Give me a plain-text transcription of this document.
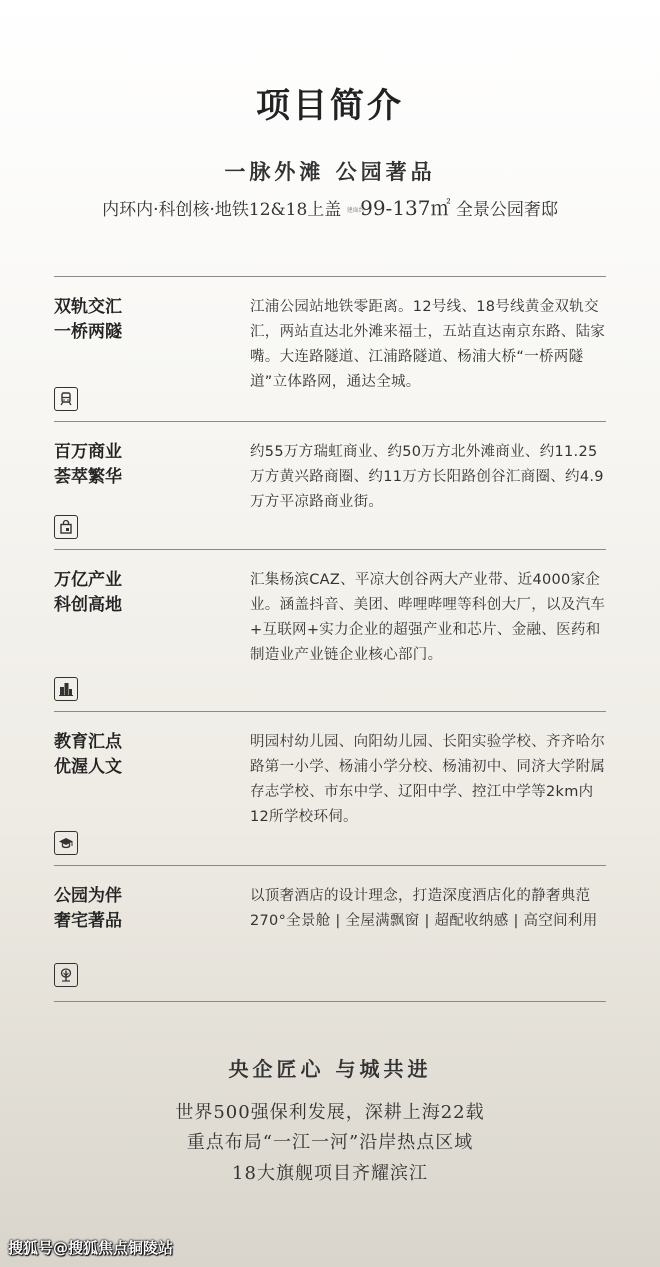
项目简介
一脉外滩 公园著品
内环内·科创核·地铁12&18上盖 建面约 99-137㎡ 全景公园奢邸
双轨交汇
一桥两隧
江浦公园站地铁零距离。12号线、18号线黄金双轨交汇，两站直达北外滩来福士，五站直达南京东路、陆家嘴。大连路隧道、江浦路隧道、杨浦大桥“一桥两隧道”立体路网，通达全城。
百万商业
荟萃繁华
约55万方瑞虹商业、约50万方北外滩商业、约11.25万方黄兴路商圈、约11万方长阳路创谷汇商圈、约4.9万方平凉路商业街。
万亿产业
科创高地
汇集杨滨CAZ、平凉大创谷两大产业带、近4000家企业。涵盖抖音、美团、哔哩哔哩等科创大厂，以及汽车+互联网+实力企业的超强产业和芯片、金融、医药和制造业产业链企业核心部门。
教育汇点
优渥人文
明园村幼儿园、向阳幼儿园、长阳实验学校、齐齐哈尔路第一小学、杨浦小学分校、杨浦初中、同济大学附属存志学校、市东中学、辽阳中学、控江中学等2km内12所学校环伺。
公园为伴
奢宅著品
以顶奢酒店的设计理念，打造深度酒店化的静奢典范270°全景舱 | 全屋满飘窗 | 超配收纳感 | 高空间利用
央企匠心 与城共进
世界500强保利发展，深耕上海22载
重点布局“一江一河”沿岸热点区域
18大旗舰项目齐耀滨江
搜狐号@搜狐焦点铜陵站
